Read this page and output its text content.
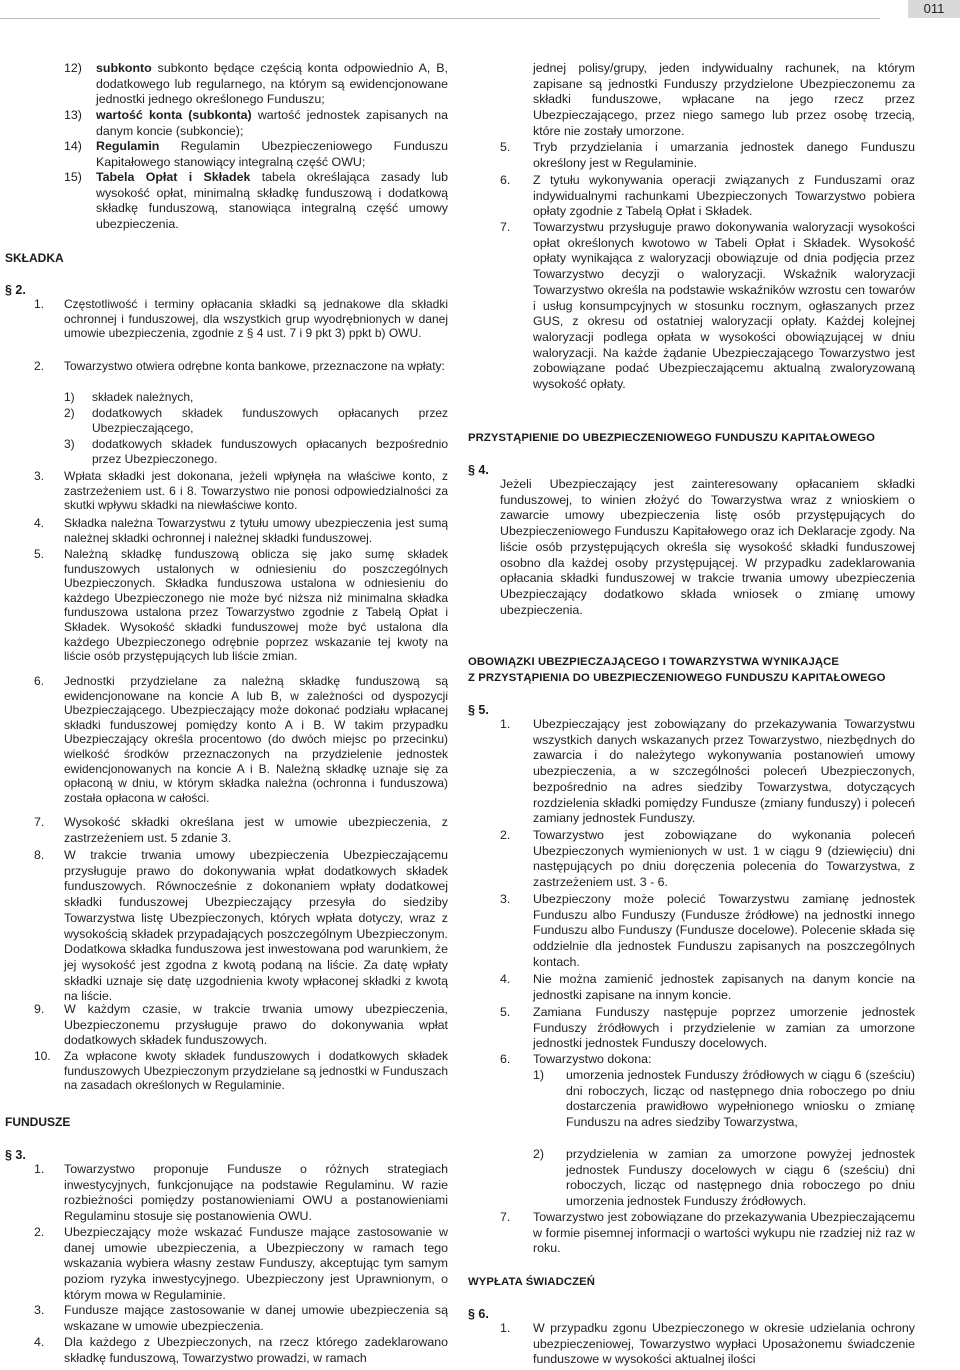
011
12) subkonto subkonto będące częścią konta odpowiednio A, B, dodatkowego lub regularnego, na którym są ewidencjonowane jednostki jednego określonego Funduszu;
13) wartość konta (subkonta) wartość jednostek zapisanych na danym koncie (subkoncie);
14) Regulamin Regulamin Ubezpieczeniowego Funduszu Kapitałowego stanowiący integralną część OWU;
15) Tabela Opłat i Składek tabela określająca zasady lub wysokość opłat, minimalną składkę funduszową i dodatkową składkę funduszową, stanowiąca integralną część umowy ubezpieczenia.
SKŁADKA
§ 2.
1. Częstotliwość i terminy opłacania składki są jednakowe dla składki ochronnej i funduszowej, dla wszystkich grup wyodrębnionych w danej umowie ubezpieczenia, zgodnie z § 4 ust. 7 i 9 pkt 3) ppkt b) OWU.
2. Towarzystwo otwiera odrębne konta bankowe, przeznaczone na wpłaty:
1) składek należnych,
2) dodatkowych składek funduszowych opłacanych przez Ubezpieczającego,
3) dodatkowych składek funduszowych opłacanych bezpośrednio przez Ubezpieczonego.
3. Wpłata składki jest dokonana, jeżeli wpłynęła na właściwe konto, z zastrzeżeniem ust. 6 i 8. Towarzystwo nie ponosi odpowiedzialności za skutki wpływu składki na niewłaściwe konto.
4. Składka należna Towarzystwu z tytułu umowy ubezpieczenia jest sumą należnej składki ochronnej i należnej składki funduszowej.
5. Należną składkę funduszową oblicza się jako sumę składek funduszowych ustalonych w odniesieniu do poszczególnych Ubezpieczonych. Składka funduszowa ustalona w odniesieniu do każdego Ubezpieczonego nie może być niższa niż minimalna składka funduszowa ustalona przez Towarzystwo zgodnie z Tabelą Opłat i Składek. Wysokość składki funduszowej może być ustalona dla każdego Ubezpieczonego odrębnie poprzez wskazanie tej kwoty na liście osób przystępujących lub liście zmian.
6. Jednostki przydzielane za należną składkę funduszową są ewidencjonowane na koncie A lub B, w zależności od dyspozycji Ubezpieczającego. Ubezpieczający może dokonać podziału wpłacanej składki funduszowej pomiędzy konto A i B. W takim przypadku Ubezpieczający określa procentowo (do dwóch miejsc po przecinku) wielkość środków przeznaczonych na przydzielenie jednostek ewidencjonowanych na koncie A i B. Należną składkę uznaje się za opłaconą w dniu, w którym składka należna (ochronna i funduszowa) została opłacona w całości.
7. Wysokość składki określana jest w umowie ubezpieczenia, z zastrzeżeniem ust. 5 zdanie 3.
8. W trakcie trwania umowy ubezpieczenia Ubezpieczającemu przysługuje prawo do dokonywania wpłat dodatkowych składek funduszowych. Równocześnie z dokonaniem wpłaty dodatkowej składki funduszowej Ubezpieczający przesyła do siedziby Towarzystwa listę Ubezpieczonych, których wpłata dotyczy, wraz z wysokością składek przypadających poszczególnym Ubezpieczonym. Dodatkowa składka funduszowa jest inwestowana pod warunkiem, że jej wysokość jest zgodna z kwotą podaną na liście. Za datę wpłaty składki uznaje się datę uzgodnienia kwoty wpłaconej składki z kwotą na liście.
9. W każdym czasie, w trakcie trwania umowy ubezpieczenia, Ubezpieczonemu przysługuje prawo do dokonywania wpłat dodatkowych składek funduszowych.
10. Za wpłacone kwoty składek funduszowych i dodatkowych składek funduszowych Ubezpieczonym przydzielane są jednostki w Funduszach na zasadach określonych w Regulaminie.
FUNDUSZE
§ 3.
1. Towarzystwo proponuje Fundusze o różnych strategiach inwestycyjnych, funkcjonujące na podstawie Regulaminu. W razie rozbieżności pomiędzy postanowieniami OWU a postanowieniami Regulaminu stosuje się postanowienia OWU.
2. Ubezpieczający może wskazać Fundusze mające zastosowanie w danej umowie ubezpieczenia, a Ubezpieczony w ramach tego wskazania wybiera własny zestaw Funduszy, akceptując tym samym poziom ryzyka inwestycyjnego. Ubezpieczony jest Uprawnionym, o którym mowa w Regulaminie.
3. Fundusze mające zastosowanie w danej umowie ubezpieczenia są wskazane w umowie ubezpieczenia.
4. Dla każdego z Ubezpieczonych, na rzecz którego zadeklarowano składkę funduszową, Towarzystwo prowadzi, w ramach
jednej polisy/grupy, jeden indywidualny rachunek, na którym zapisane są jednostki Funduszy przydzielone Ubezpieczonemu za składki funduszowe, wpłacane na jego rzecz przez Ubezpieczającego, przez niego samego lub przez osobę trzecią, które nie zostały umorzone.
5. Tryb przydzielania i umarzania jednostek danego Funduszu określony jest w Regulaminie.
6. Z tytułu wykonywania operacji związanych z Funduszami oraz indywidualnymi rachunkami Ubezpieczonych Towarzystwo pobiera opłaty zgodnie z Tabelą Opłat i Składek.
7. Towarzystwu przysługuje prawo dokonywania waloryzacji wysokości opłat określonych kwotowo w Tabeli Opłat i Składek. Wysokość opłaty wynikająca z waloryzacji obowiązuje od dnia podjęcia przez Towarzystwo decyzji o waloryzacji. Wskaźnik waloryzacji Towarzystwo określa na podstawie wskaźników wzrostu cen towarów i usług konsumpcyjnych w stosunku rocznym, ogłaszanych przez GUS, z okresu od ostatniej waloryzacji opłaty. Każdej kolejnej waloryzacji podlega opłata w wysokości obowiązującej w dniu waloryzacji. Na każde żądanie Ubezpieczającego Towarzystwo jest zobowiązane podać Ubezpieczającemu aktualną zwaloryzowaną wysokość opłaty.
PRZYSTĄPIENIE DO UBEZPIECZENIOWEGO FUNDUSZU KAPITAŁOWEGO
§ 4.
Jeżeli Ubezpieczający jest zainteresowany opłacaniem składki funduszowej, to winien złożyć do Towarzystwa wraz z wnioskiem o zawarcie umowy ubezpieczenia listę osób przystępujących do Ubezpieczeniowego Funduszu Kapitałowego oraz ich Deklaracje zgody. Na liście osób przystępujących określa się wysokość składki funduszowej osobno dla każdej osoby przystępującej. W przypadku zadeklarowania opłacania składki funduszowej w trakcie trwania umowy ubezpieczenia Ubezpieczający dodatkowo składa wniosek o zmianę umowy ubezpieczenia.
OBOWIĄZKI UBEZPIECZAJĄCEGO I TOWARZYSTWA WYNIKAJĄCE
Z PRZYSTĄPIENIA DO UBEZPIECZENIOWEGO FUNDUSZU KAPITAŁOWEGO
§ 5.
1. Ubezpieczający jest zobowiązany do przekazywania Towarzystwu wszystkich danych wskazanych przez Towarzystwo, niezbędnych do zawarcia i do należytego wykonywania postanowień umowy ubezpieczenia, a w szczególności poleceń Ubezpieczonych, bezpośrednio na adres siedziby Towarzystwa, dotyczących rozdzielenia składki pomiędzy Fundusze (zmiany funduszy) i poleceń zamiany jednostek Funduszy.
2. Towarzystwo jest zobowiązane do wykonania poleceń Ubezpieczonych wymienionych w ust. 1 w ciągu 9 (dziewięciu) dni następujących po dniu doręczenia polecenia do Towarzystwa, z zastrzeżeniem ust. 3 - 6.
3. Ubezpieczony może polecić Towarzystwu zamianę jednostek Funduszu albo Funduszy (Fundusze źródłowe) na jednostki innego Funduszu albo Funduszy (Fundusze docelowe). Polecenie składa się oddzielnie dla jednostek Funduszu zapisanych na poszczególnych kontach.
4. Nie można zamienić jednostek zapisanych na danym koncie na jednostki zapisane na innym koncie.
5. Zamiana Funduszy następuje poprzez umorzenie jednostek Funduszy źródłowych i przydzielenie w zamian za umorzone jednostki jednostek Funduszy docelowych.
6. Towarzystwo dokona:
1) umorzenia jednostek Funduszy źródłowych w ciągu 6 (sześciu) dni roboczych, licząc od następnego dnia roboczego po dniu dostarczenia prawidłowo wypełnionego wniosku o zmianę Funduszu na adres siedziby Towarzystwa,
2) przydzielenia w zamian za umorzone powyżej jednostek jednostek Funduszy docelowych w ciągu 6 (sześciu) dni roboczych, licząc od następnego dnia roboczego po dniu umorzenia jednostek Funduszy źródłowych.
7. Towarzystwo jest zobowiązane do przekazywania Ubezpieczającemu w formie pisemnej informacji o wartości wykupu nie rzadziej niż raz w roku.
WYPŁATA ŚWIADCZEŃ
§ 6.
1. W przypadku zgonu Ubezpieczonego w okresie udzielania ochrony ubezpieczeniowej, Towarzystwo wypłaci Uposażonemu świadczenie funduszowe w wysokości aktualnej ilości
